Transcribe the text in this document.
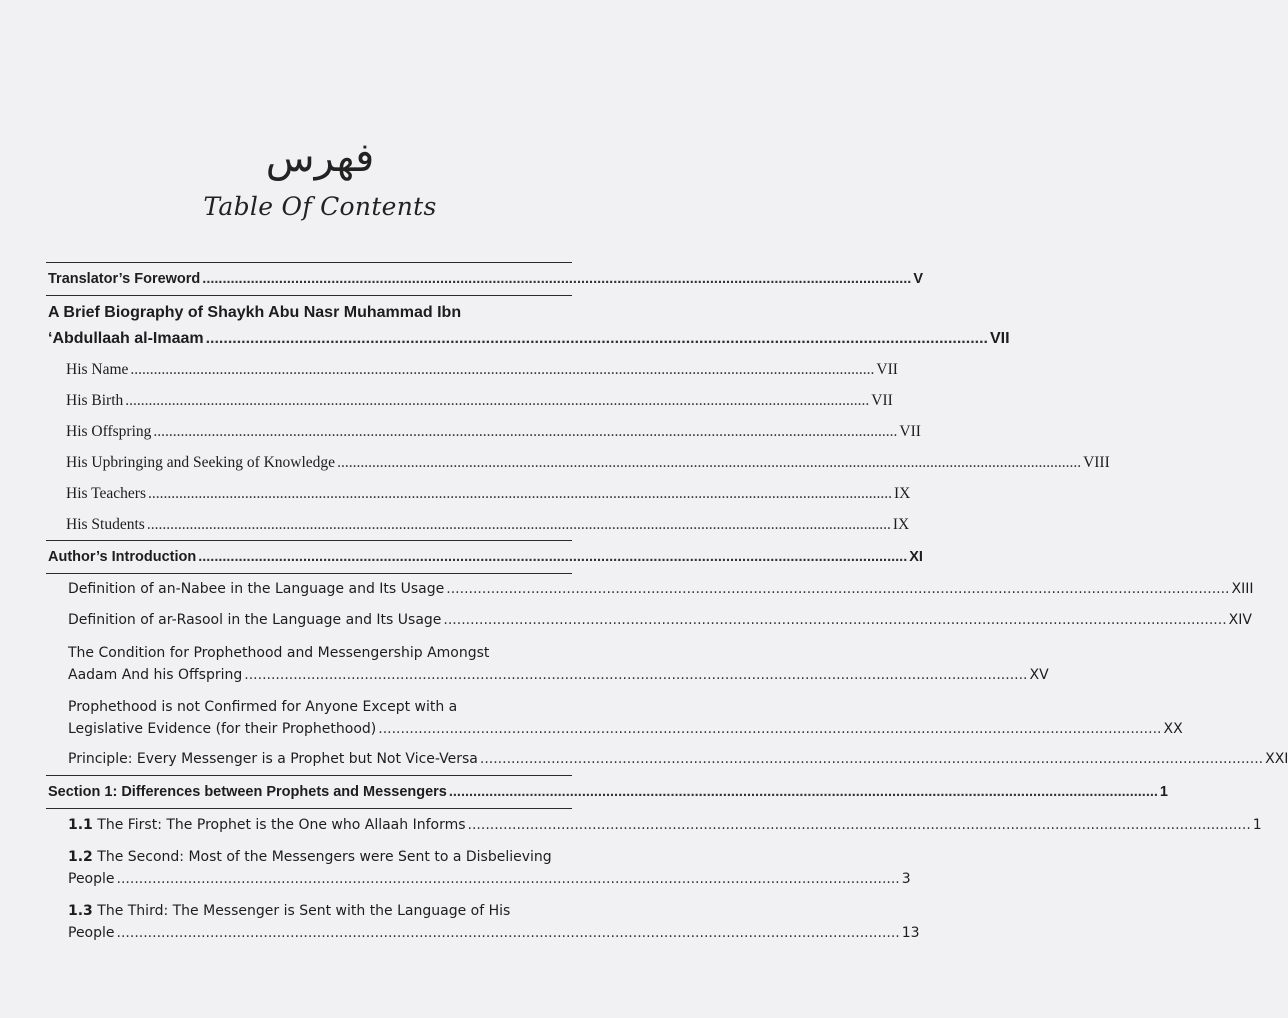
فهرس
Table Of Contents
Translator’s Foreword ................................................................................................................................................................................ V
A Brief Biography of Shaykh Abu Nasr Muhammad Ibn
‘Abdullaah al-Imaam ................................................................................................................................................................................ VII
His Name ................................................................................................................................................................................................ VII
His Birth ................................................................................................................................................................................................ VII
His Offspring ................................................................................................................................................................................................ VII
His Upbringing and Seeking of Knowledge ................................................................................................................................................................................................ VIII
His Teachers ................................................................................................................................................................................................ IX
His Students ................................................................................................................................................................................................ IX
Author’s Introduction ................................................................................................................................................................................ XI
Definition of an-Nabee in the Language and Its Usage ................................................................................................................................................................................ XIII
Definition of ar-Rasool in the Language and Its Usage ................................................................................................................................................................................ XIV
The Condition for Prophethood and Messengership Amongst
Aadam And his Offspring ................................................................................................................................................................................ XV
Prophethood is not Confirmed for Anyone Except with a
Legislative Evidence (for their Prophethood) ................................................................................................................................................................................ XX
Principle: Every Messenger is a Prophet but Not Vice-Versa ................................................................................................................................................................................ XXI
Section 1: Differences between Prophets and Messengers ................................................................................................................................................................................ 1
1.1 The First: The Prophet is the One who Allaah Informs ................................................................................................................................................................................ 1
1.2 The Second: Most of the Messengers were Sent to a Disbelieving
People ................................................................................................................................................................................ 3
1.3 The Third: The Messenger is Sent with the Language of His
People ................................................................................................................................................................................ 13
